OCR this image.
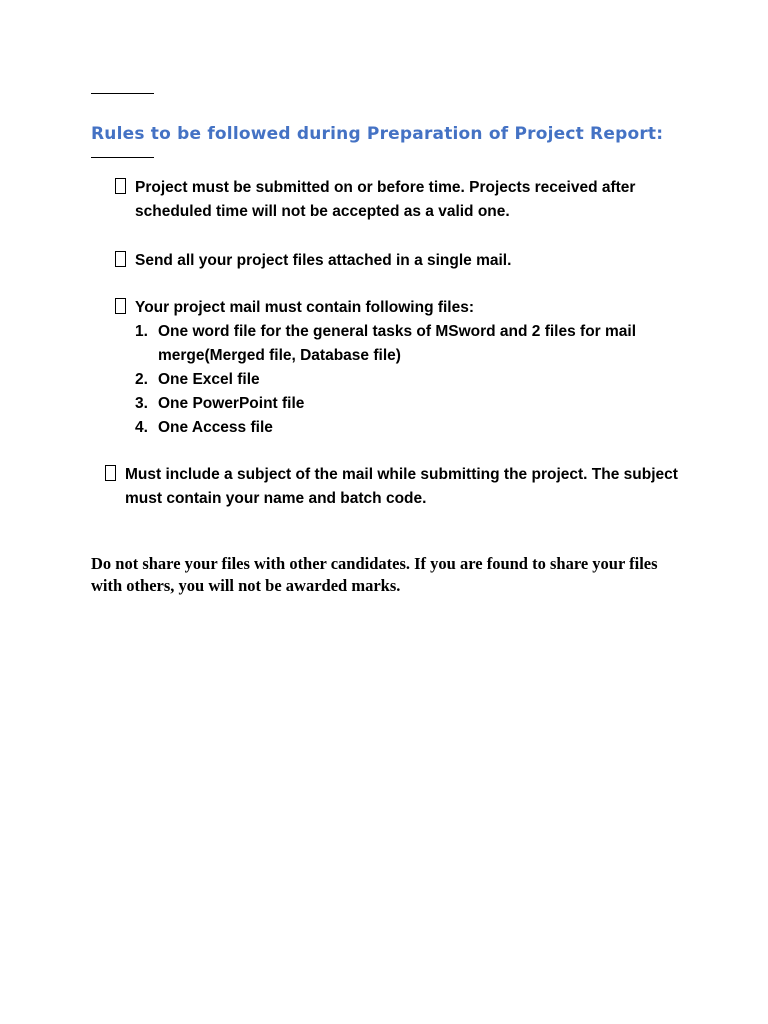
Rules to be followed during Preparation of Project Report:
Project must be submitted on or before time. Projects received after scheduled time will not be accepted as a valid one.
Send all your project files attached in a single mail.
Your project mail must contain following files:
1. One word file for the general tasks of MSword and 2 files for mail merge(Merged file, Database file)
2. One Excel file
3. One PowerPoint file
4. One Access file
Must include a subject of the mail while submitting the project. The subject must contain your name and batch code.

Do not share your files with other candidates. If you are found to share your files with others, you will not be awarded marks.
